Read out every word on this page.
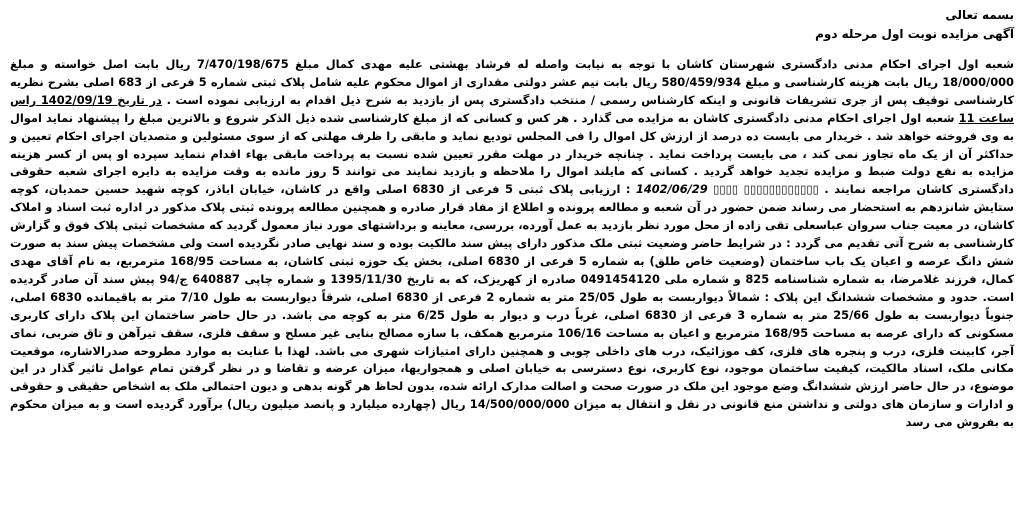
بسمه تعالی

آگهی مزایده نوبت اول مرحله دوم

شعبه اول اجرای احکام مدنی دادگستری شهرستان کاشان با توجه به نیابت واصله له فرشاد بهشتی علیه مهدی کمال مبلغ 7/470/198/675 ریال بابت اصل خواسته و مبلغ 18/000/000 ریال بابت هزینه کارشناسی و مبلغ 580/459/934 ریال بابت نیم عشر دولتی مقداری از اموال محکوم علیه شامل پلاک ثبتی شماره 5 فرعی از 683 اصلی بشرح نظریه کارشناسی توقیف پس از جری تشریفات قانونی و اینکه کارشناس رسمی / منتخب دادگستری پس از بازدید به شرح ذیل اقدام به ارزیابی نموده است . در تاریخ 1402/09/19 راس ساعت 11 شعبه اول اجرای احکام مدنی دادگستری کاشان به مزایده می گذارد . هر کس و کسانی که از مبلغ کارشناسی شده ذیل الذکر شروع و بالاترین مبلغ را پیشنهاد نماید اموال به وی فروخته خواهد شد . خریدار می بایست ده درصد از ارزش کل اموال را فی المجلس تودیع نماید و مابقی را ظرف مهلتی که از سوی مسئولین و متصدیان اجرای احکام تعیین و حداکثر آن از یک ماه تجاوز نمی کند ، می بایست پرداخت نماید . چنانچه خریدار در مهلت مقرر تعیین شده نسبت به پرداخت مابقی بهاء اقدام ننماید سپرده او پس از کسر هزینه مزایده به نفع دولت ضبط و مزایده تجدید خواهد گردید . کسانی که مایلند اموال را ملاحظه و بازدید نمایند می توانند 5 روز مانده به وقت مزایده به دایره اجرای شعبه حقوقی دادگستری کاشان مراجعه نمایند . ▯▯▯▯▯▯▯▯▯▯▯▯ ▯▯▯▯ 1402/06/29 : ارزیابی پلاک ثبتی 5 فرعی از 6830 اصلی واقع در کاشان، خیابان اباذر، کوچه شهید حسین حمدیان، کوچه ستایش شانزدهم به استحضار می رساند ضمن حضور در آن شعبه و مطالعه پرونده و اطلاع از مفاد قرار صادره و همچنین مطالعه پرونده ثبتی پلاک مذکور در اداره ثبت اسناد و املاک کاشان، در معیت جناب سروان عباسعلی تقی زاده از محل مورد نظر بازدید به عمل آورده، بررسی، معاینه و برداشتهای مورد نیاز معمول گردید که مشخصات ثبتی پلاک فوق و گزارش کارشناسی به شرح آتی تقدیم می گردد : در شرایط حاضر وضعیت ثبتی ملک مذکور دارای پیش سند مالکیت بوده و سند نهایی صادر نگردیده است ولی مشخصات پیش سند به صورت شش دانگ عرصه و اعیان یک باب ساختمان (وضعیت خاص طلق) به شماره 5 فرعی از 6830 اصلی، بخش یک حوزه ثبتی کاشان، به مساحت 168/95 مترمربع، به نام آقای مهدی کمال، فرزند غلامرضا، به شماره شناسنامه 825 و شماره ملی 0491454120 صادره از کهریزک، که به تاریخ 1395/11/30 و شماره چاپی 640887 ج/94 پیش سند آن صادر گردیده است. حدود و مشخصات ششدانگ این پلاک : شمالاً دیواربست به طول 25/05 متر به شماره 2 فرعی از 6830 اصلی، شرقاً دیواربست به طول 7/10 متر به باقیمانده 6830 اصلی، جنوباً دیواربست به طول 25/66 متر به شماره 3 فرعی از 6830 اصلی، غرباً درب و دیوار به طول 6/25 متر به کوچه می باشد. در حال حاضر ساختمان این پلاک دارای کاربری مسکونی که دارای عرصه به مساحت 168/95 مترمربع و اعیان به مساحت 106/16 مترمربع همکف، با سازه مصالح بنایی غیر مسلح و سقف فلزی، سقف تیرآهن و تاق ضربی، نمای آجر، کابینت فلزی، درب و پنجره های فلزی، کف موزائیک، درب های داخلی چوبی و همچنین دارای امتیازات شهری می باشد. لهذا با عنایت به موارد مطروحه صدرالاشاره، موقعیت مکانی ملک، اسناد مالکیت، کیفیت ساختمان موجود، نوع کاربری، نوع دسترسی به خیابان اصلی و همجواریها، میزان عرضه و تقاضا و در نظر گرفتن تمام عوامل تاثیر گذار در این موضوع، در حال حاضر ارزش ششدانگ وضع موجود این ملک در صورت صحت و اصالت مدارک ارائه شده، بدون لحاظ هر گونه بدهی و دیون احتمالی ملک به اشخاص حقیقی و حقوقی و ادارات و سازمان های دولتی و نداشتن منع قانونی در نقل و انتقال به میزان 14/500/000/000 ریال (چهارده میلیارد و پانصد میلیون ریال) برآورد گردیده است و به میزان محکوم به بفروش می رسد
